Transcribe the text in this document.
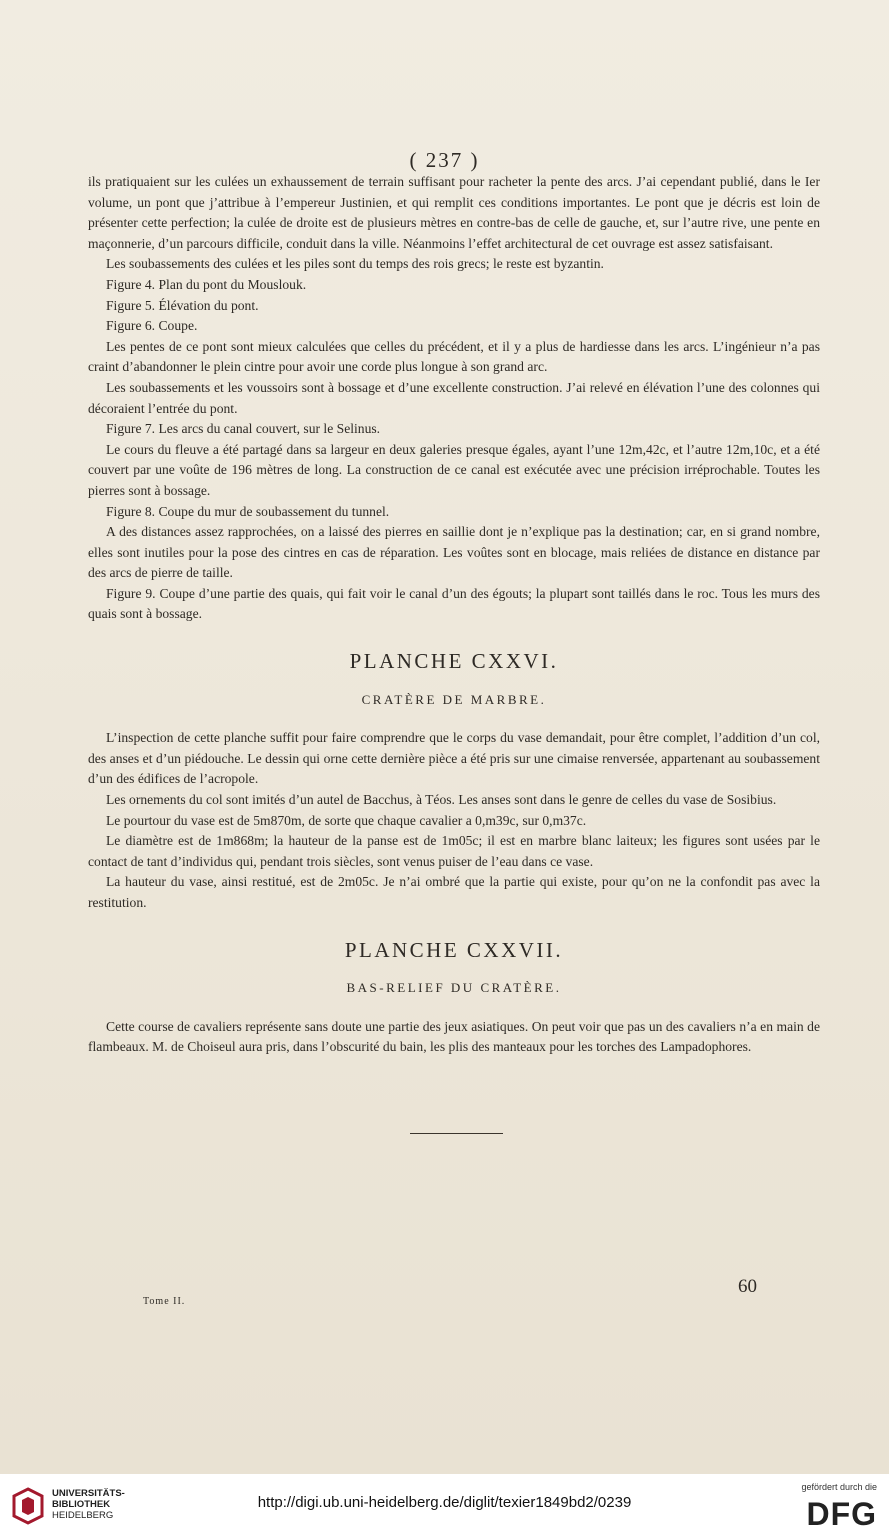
( 237 )

ils pratiquaient sur les culées un exhaussement de terrain suffisant pour racheter la pente des arcs. J’ai cependant publié, dans le Ier volume, un pont que j’attribue à l’empereur Justinien, et qui remplit ces conditions importantes. Le pont que je décris est loin de présenter cette perfection; la culée de droite est de plusieurs mètres en contre-bas de celle de gauche, et, sur l’autre rive, une pente en maçonnerie, d’un parcours difficile, conduit dans la ville. Néanmoins l’effet architectural de cet ouvrage est assez satisfaisant.

Les soubassements des culées et les piles sont du temps des rois grecs; le reste est byzantin.

Figure 4. Plan du pont du Mouslouk.

Figure 5. Élévation du pont.

Figure 6. Coupe.

Les pentes de ce pont sont mieux calculées que celles du précédent, et il y a plus de hardiesse dans les arcs. L’ingénieur n’a pas craint d’abandonner le plein cintre pour avoir une corde plus longue à son grand arc.

Les soubassements et les voussoirs sont à bossage et d’une excellente construction. J’ai relevé en élévation l’une des colonnes qui décoraient l’entrée du pont.

Figure 7. Les arcs du canal couvert, sur le Selinus.

Le cours du fleuve a été partagé dans sa largeur en deux galeries presque égales, ayant l’une 12m,42c, et l’autre 12m,10c, et a été couvert par une voûte de 196 mètres de long. La construction de ce canal est exécutée avec une précision irréprochable. Toutes les pierres sont à bossage.

Figure 8. Coupe du mur de soubassement du tunnel.

A des distances assez rapprochées, on a laissé des pierres en saillie dont je n’explique pas la destination; car, en si grand nombre, elles sont inutiles pour la pose des cintres en cas de réparation. Les voûtes sont en blocage, mais reliées de distance en distance par des arcs de pierre de taille.

Figure 9. Coupe d’une partie des quais, qui fait voir le canal d’un des égouts; la plupart sont taillés dans le roc. Tous les murs des quais sont à bossage.

PLANCHE CXXVI.
CRATÈRE DE MARBRE.

L’inspection de cette planche suffit pour faire comprendre que le corps du vase demandait, pour être complet, l’addition d’un col, des anses et d’un piédouche. Le dessin qui orne cette dernière pièce a été pris sur une cimaise renversée, appartenant au soubassement d’un des édifices de l’acropole.

Les ornements du col sont imités d’un autel de Bacchus, à Téos. Les anses sont dans le genre de celles du vase de Sosibius.

Le pourtour du vase est de 5m870m, de sorte que chaque cavalier a 0,m39c, sur 0,m37c.

Le diamètre est de 1m868m; la hauteur de la panse est de 1m05c; il est en marbre blanc laiteux; les figures sont usées par le contact de tant d’individus qui, pendant trois siècles, sont venus puiser de l’eau dans ce vase.

La hauteur du vase, ainsi restitué, est de 2m05c. Je n’ai ombré que la partie qui existe, pour qu’on ne la confondit pas avec la restitution.

PLANCHE CXXVII.
BAS-RELIEF DU CRATÈRE.

Cette course de cavaliers représente sans doute une partie des jeux asiatiques. On peut voir que pas un des cavaliers n’a en main de flambeaux. M. de Choiseul aura pris, dans l’obscurité du bain, les plis des manteaux pour les torches des Lampadophores.

Tome II.
60
UNIVERSITÄTS-
BIBLIOTHEK
HEIDELBERG
http://digi.ub.uni-heidelberg.de/diglit/texier1849bd2/0239
gefördert durch die
DFG
